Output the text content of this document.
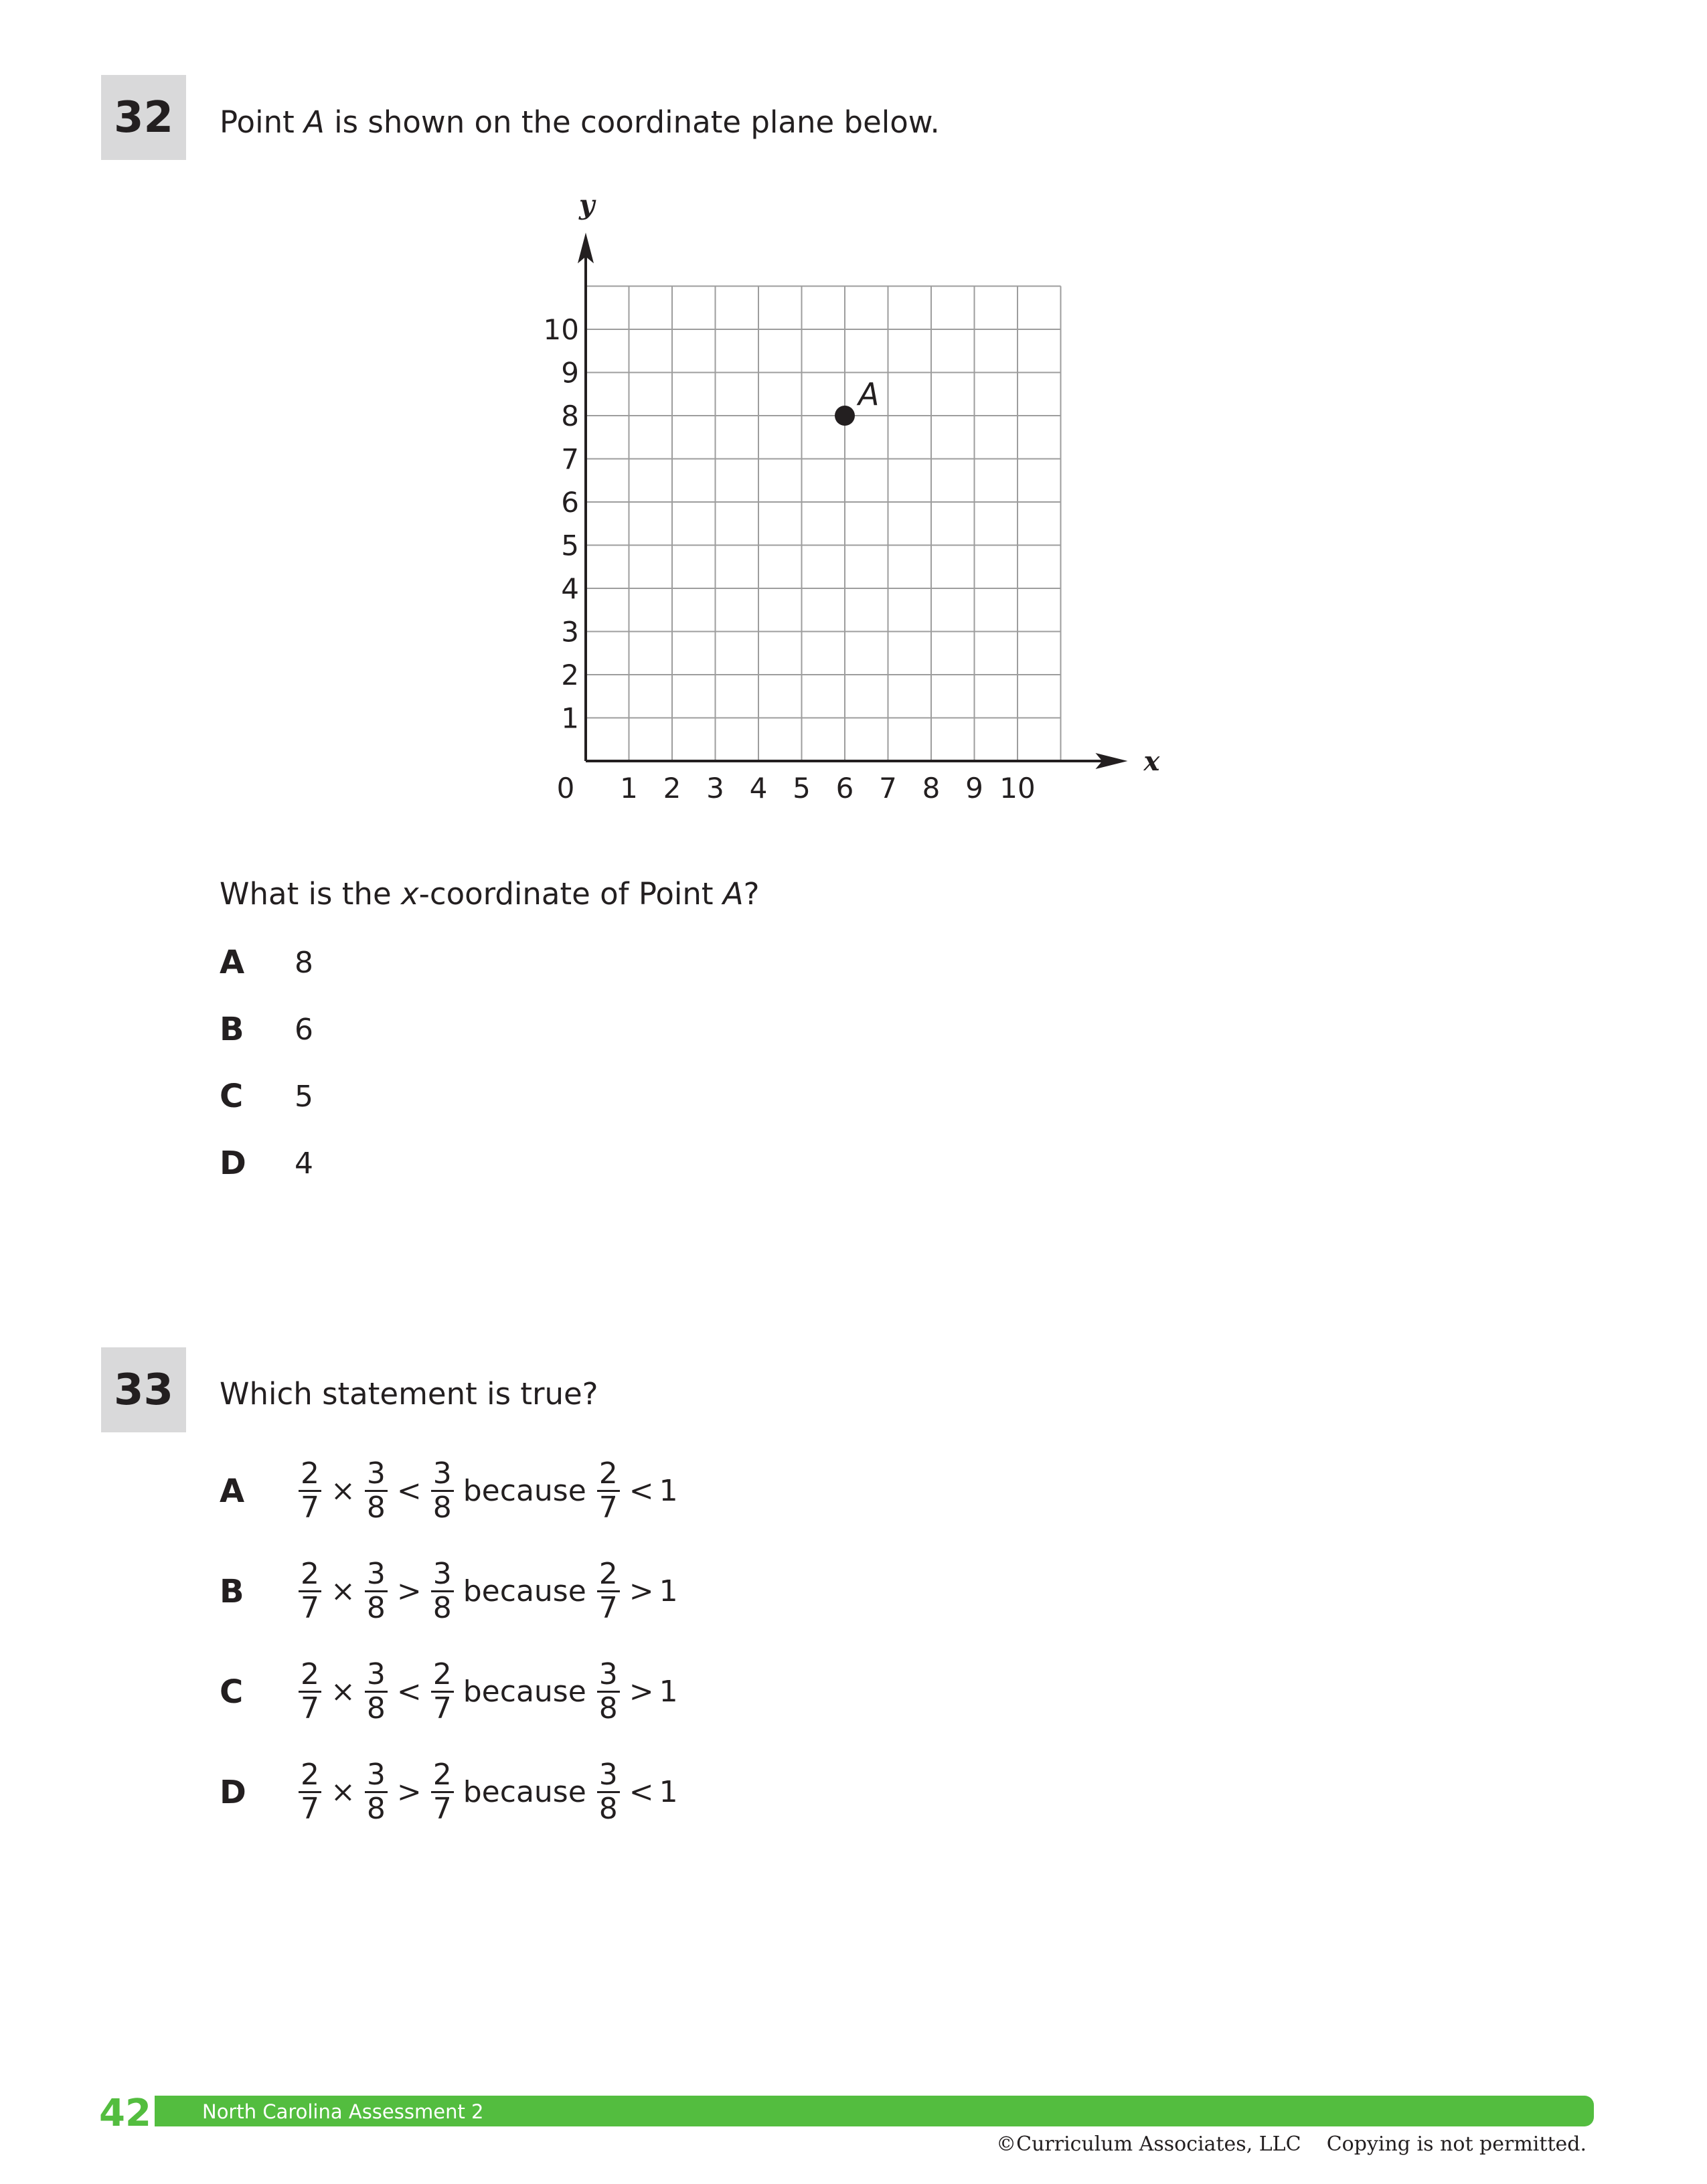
32	Point A is shown on the coordinate plane below.
x
y
0 1 2 3 4 5 6 7 8 9 10
1
2
3
4
5
6
7
8
9
10
A
What is the x-coordinate of Point A?
A	8
B	6
C	5
D	4
33	Which statement is true?
A	$\frac{2}{7} \times \frac{3}{8} < \frac{3}{8}$ because $\frac{2}{7} < 1$
B	$\frac{2}{7} \times \frac{3}{8} > \frac{3}{8}$ because $\frac{2}{7} > 1$
C	$\frac{2}{7} \times \frac{3}{8} < \frac{2}{7}$ because $\frac{3}{8} > 1$
D	$\frac{2}{7} \times \frac{3}{8} > \frac{2}{7}$ because $\frac{3}{8} < 1$
42	North Carolina Assessment 2
©Curriculum Associates, LLC Copying is not permitted.
